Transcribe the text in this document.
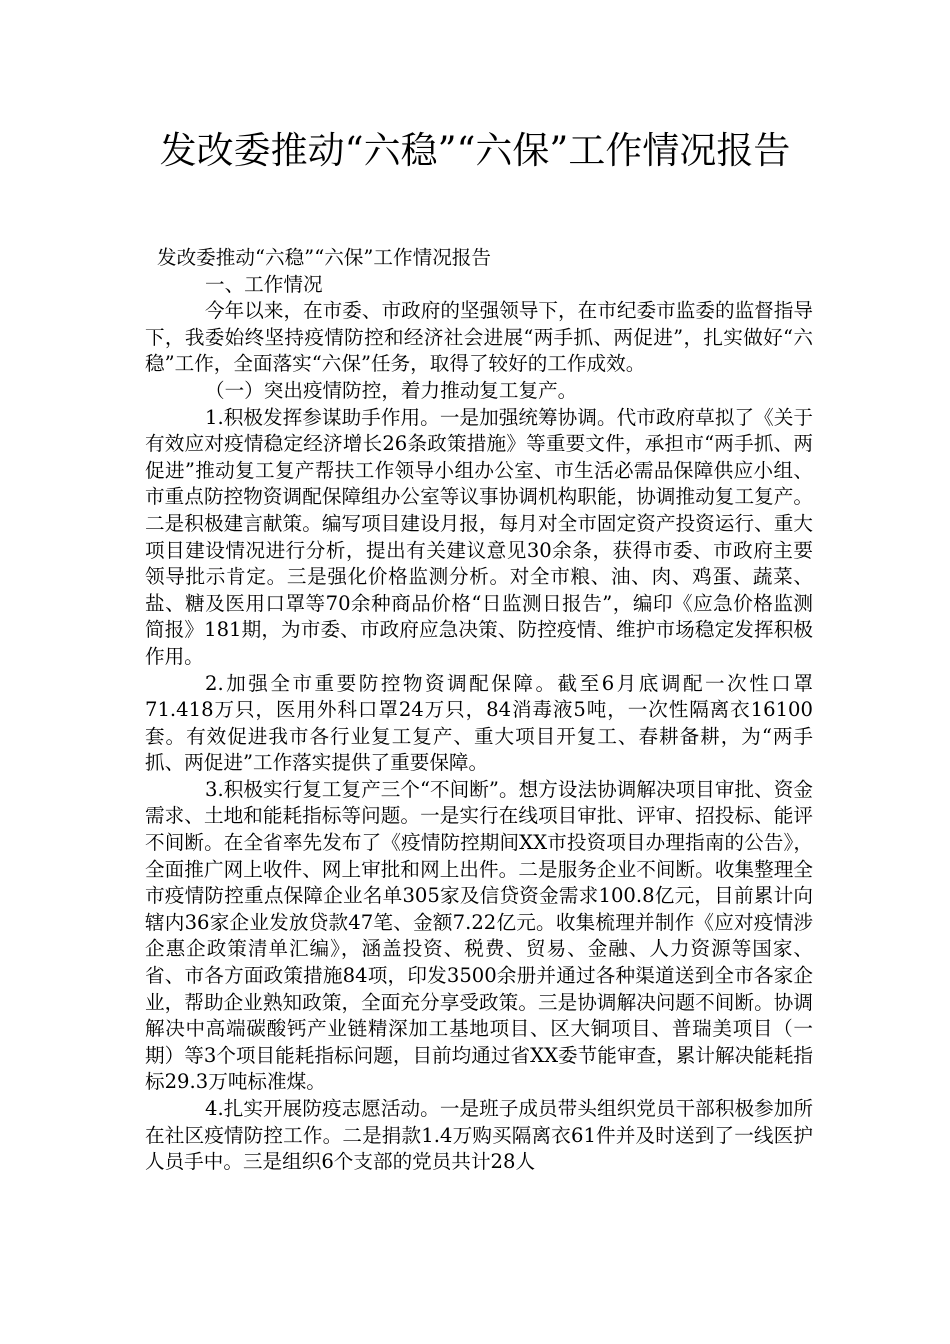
发改委推动“六稳”“六保”工作情况报告

发改委推动“六稳”“六保”工作情况报告

一、工作情况

今年以来，在市委、市政府的坚强领导下，在市纪委市监委的监督指导下，我委始终坚持疫情防控和经济社会进展“两手抓、两促进”，扎实做好“六稳”工作，全面落实“六保”任务，取得了较好的工作成效。

（一）突出疫情防控，着力推动复工复产。

1.积极发挥参谋助手作用。一是加强统筹协调。代市政府草拟了《关于有效应对疫情稳定经济增长26条政策措施》等重要文件，承担市“两手抓、两促进”推动复工复产帮扶工作领导小组办公室、市生活必需品保障供应小组、市重点防控物资调配保障组办公室等议事协调机构职能，协调推动复工复产。二是积极建言献策。编写项目建设月报，每月对全市固定资产投资运行、重大项目建设情况进行分析，提出有关建议意见30余条，获得市委、市政府主要领导批示肯定。三是强化价格监测分析。对全市粮、油、肉、鸡蛋、蔬菜、盐、糖及医用口罩等70余种商品价格“日监测日报告”，编印《应急价格监测简报》181期，为市委、市政府应急决策、防控疫情、维护市场稳定发挥积极作用。

2.加强全市重要防控物资调配保障。截至6月底调配一次性口罩71.418万只，医用外科口罩24万只，84消毒液5吨，一次性隔离衣16100套。有效促进我市各行业复工复产、重大项目开复工、春耕备耕，为“两手抓、两促进”工作落实提供了重要保障。

3.积极实行复工复产三个“不间断”。想方设法协调解决项目审批、资金需求、土地和能耗指标等问题。一是实行在线项目审批、评审、招投标、能评不间断。在全省率先发布了《疫情防控期间XX市投资项目办理指南的公告》，全面推广网上收件、网上审批和网上出件。二是服务企业不间断。收集整理全市疫情防控重点保障企业名单305家及信贷资金需求100.8亿元，目前累计向辖内36家企业发放贷款47笔、金额7.22亿元。收集梳理并制作《应对疫情涉企惠企政策清单汇编》，涵盖投资、税费、贸易、金融、人力资源等国家、省、市各方面政策措施84项，印发3500余册并通过各种渠道送到全市各家企业，帮助企业熟知政策，全面充分享受政策。三是协调解决问题不间断。协调解决中高端碳酸钙产业链精深加工基地项目、区大铜项目、普瑞美项目（一期）等3个项目能耗指标问题，目前均通过省XX委节能审查，累计解决能耗指标29.3万吨标准煤。

4.扎实开展防疫志愿活动。一是班子成员带头组织党员干部积极参加所在社区疫情防控工作。二是捐款1.4万购买隔离衣61件并及时送到了一线医护人员手中。三是组织6个支部的党员共计28人
